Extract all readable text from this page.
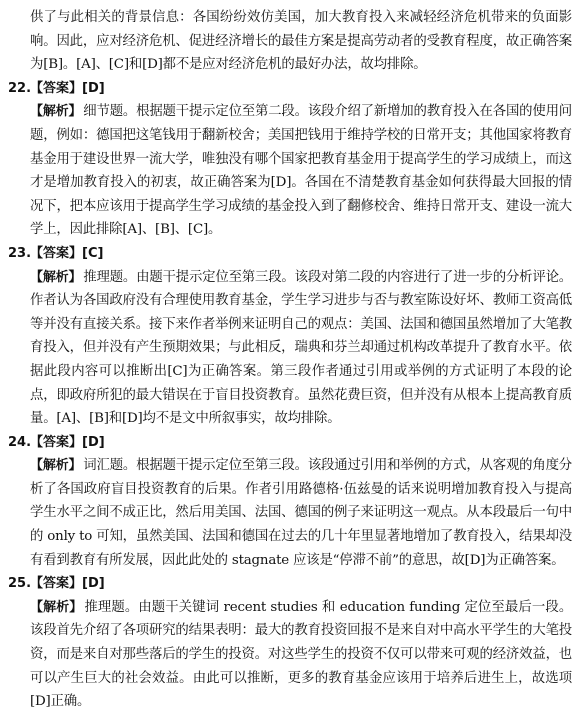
供了与此相关的背景信息：各国纷纷效仿美国，加大教育投入来减轻经济危机带来的负面影响。因此，应对经济危机、促进经济增长的最佳方案是提高劳动者的受教育程度，故正确答案为[B]。[A]、[C]和[D]都不是应对经济危机的最好办法，故均排除。
22.
【答案】 [D]
【解析】 细节题。根据题干提示定位至第二段。该段介绍了新增加的教育投入在各国的使用问题，例如：德国把这笔钱用于翻新校舍；美国把钱用于维持学校的日常开支；其他国家将教育基金用于建设世界一流大学，唯独没有哪个国家把教育基金用于提高学生的学习成绩上，而这才是增加教育投入的初衷，故正确答案为[D]。各国在不清楚教育基金如何获得最大回报的情况下，把本应该用于提高学生学习成绩的基金投入到了翻修校舍、维持日常开支、建设一流大学上，因此排除[A]、[B]、[C]。
23.
【答案】 [C]
【解析】 推理题。由题干提示定位至第三段。该段对第二段的内容进行了进一步的分析评论。作者认为各国政府没有合理使用教育基金，学生学习进步与否与教室陈设好坏、教师工资高低等并没有直接关系。接下来作者举例来证明自己的观点：美国、法国和德国虽然增加了大笔教育投入，但并没有产生预期效果；与此相反，瑞典和芬兰却通过机构改革提升了教育水平。依据此段内容可以推断出[C]为正确答案。第三段作者通过引用或举例的方式证明了本段的论点，即政府所犯的最大错误在于盲目投资教育。虽然花费巨资，但并没有从根本上提高教育质量。[A]、[B]和[D]均不是文中所叙事实，故均排除。
24.
【答案】 [D]
【解析】 词汇题。根据题干提示定位至第三段。该段通过引用和举例的方式，从客观的角度分析了各国政府盲目投资教育的后果。作者引用路德格·伍兹曼的话来说明增加教育投入与提高学生水平之间不成正比，然后用美国、法国、德国的例子来证明这一观点。从本段最后一句中的 only to 可知，虽然美国、法国和德国在过去的几十年里显著地增加了教育投入，结果却没有看到教育有所发展，因此此处的 stagnate 应该是“停滞不前”的意思，故[D]为正确答案。
25.
【答案】 [D]
【解析】 推理题。由题干关键词 recent studies 和 education funding 定位至最后一段。该段首先介绍了各项研究的结果表明：最大的教育投资回报不是来自对中高水平学生的大笔投资，而是来自对那些落后的学生的投资。对这些学生的投资不仅可以带来可观的经济效益，也可以产生巨大的社会效益。由此可以推断，更多的教育基金应该用于培养后进生上，故选项[D]正确。
